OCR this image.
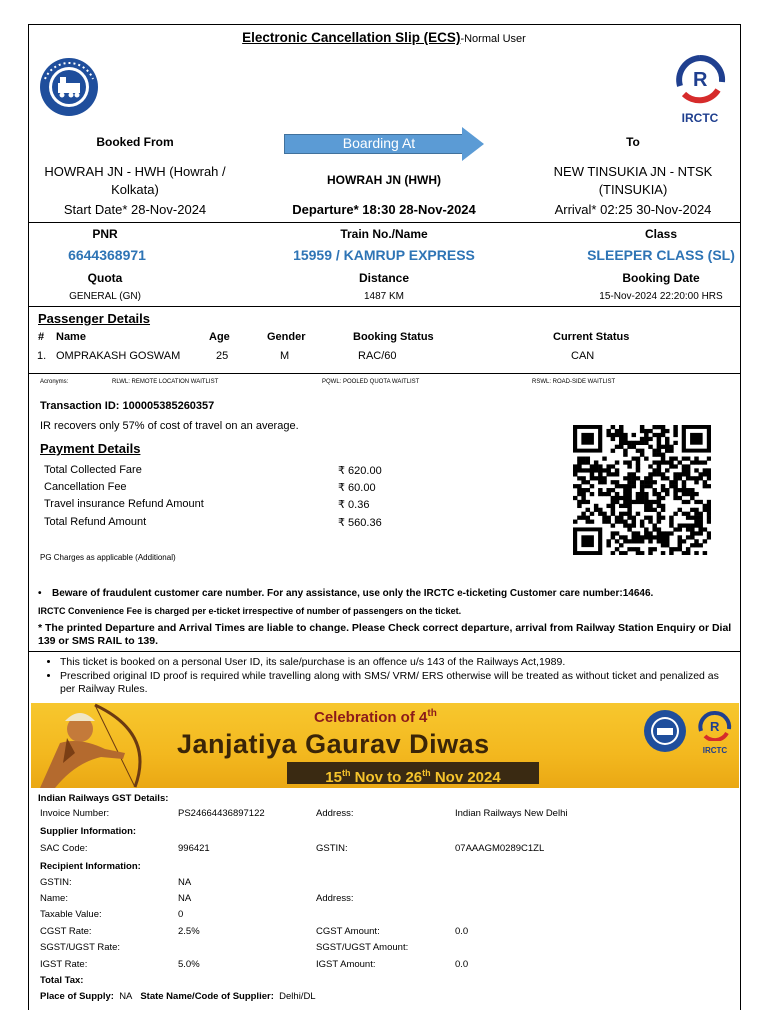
Electronic Cancellation Slip (ECS)-Normal User
R
IRCTC
Booked From	Boarding At	To
HOWRAH JN - HWH (Howrah /
Kolkata)
HOWRAH JN (HWH)
NEW TINSUKIA JN - NTSK
(TINSUKIA)
Start Date* 28-Nov-2024	Departure* 18:30 28-Nov-2024	Arrival* 02:25 30-Nov-2024
PNR	Train No./Name	Class
6644368971	15959 / KAMRUP EXPRESS	SLEEPER CLASS (SL)
Quota	Distance	Booking Date
GENERAL (GN)	1487 KM	15-Nov-2024 22:20:00 HRS
Passenger Details
# Name	Age	Gender	Booking Status	Current Status
1. OMPRAKASH GOSWAM	25	M	RAC/60	CAN
Acronyms:	RLWL: REMOTE LOCATION WAITLIST	PQWL: POOLED QUOTA WAITLIST	RSWL: ROAD-SIDE WAITLIST
Transaction ID: 100005385260357
IR recovers only 57% of cost of travel on an average.
Payment Details
Total Collected Fare	₹ 620.00
Cancellation Fee	₹ 60.00
Travel insurance Refund Amount	₹ 0.36
Total Refund Amount	₹ 560.36
PG Charges as applicable (Additional)
• Beware of fraudulent customer care number. For any assistance, use only the IRCTC e-ticketing Customer care number:14646.
IRCTC Convenience Fee is charged per e-ticket irrespective of number of passengers on the ticket.
* The printed Departure and Arrival Times are liable to change. Please Check correct departure, arrival from Railway Station Enquiry or Dial 139 or SMS RAIL to 139.
• This ticket is booked on a personal User ID, its sale/purchase is an offence u/s 143 of the Railways Act,1989.
• Prescribed original ID proof is required while travelling along with SMS/ VRM/ ERS otherwise will be treated as without ticket and penalized as per Railway Rules.
Celebration of 4th
Janjatiya Gaurav Diwas
15th Nov to 26th Nov 2024
R
IRCTC
Indian Railways GST Details:
Invoice Number:	PS24664436897122	Address:	Indian Railways New Delhi
Supplier Information:
SAC Code:	996421	GSTIN:	07AAAGM0289C1ZL
Recipient Information:
GSTIN:	NA
Name:	NA	Address:
Taxable Value:	0
CGST Rate:	2.5%	CGST Amount:	0.0
SGST/UGST Rate:	SGST/UGST Amount:
IGST Rate:	5.0%	IGST Amount:	0.0
Total Tax:
Place of Supply: NA State Name/Code of Supplier: Delhi/DL
